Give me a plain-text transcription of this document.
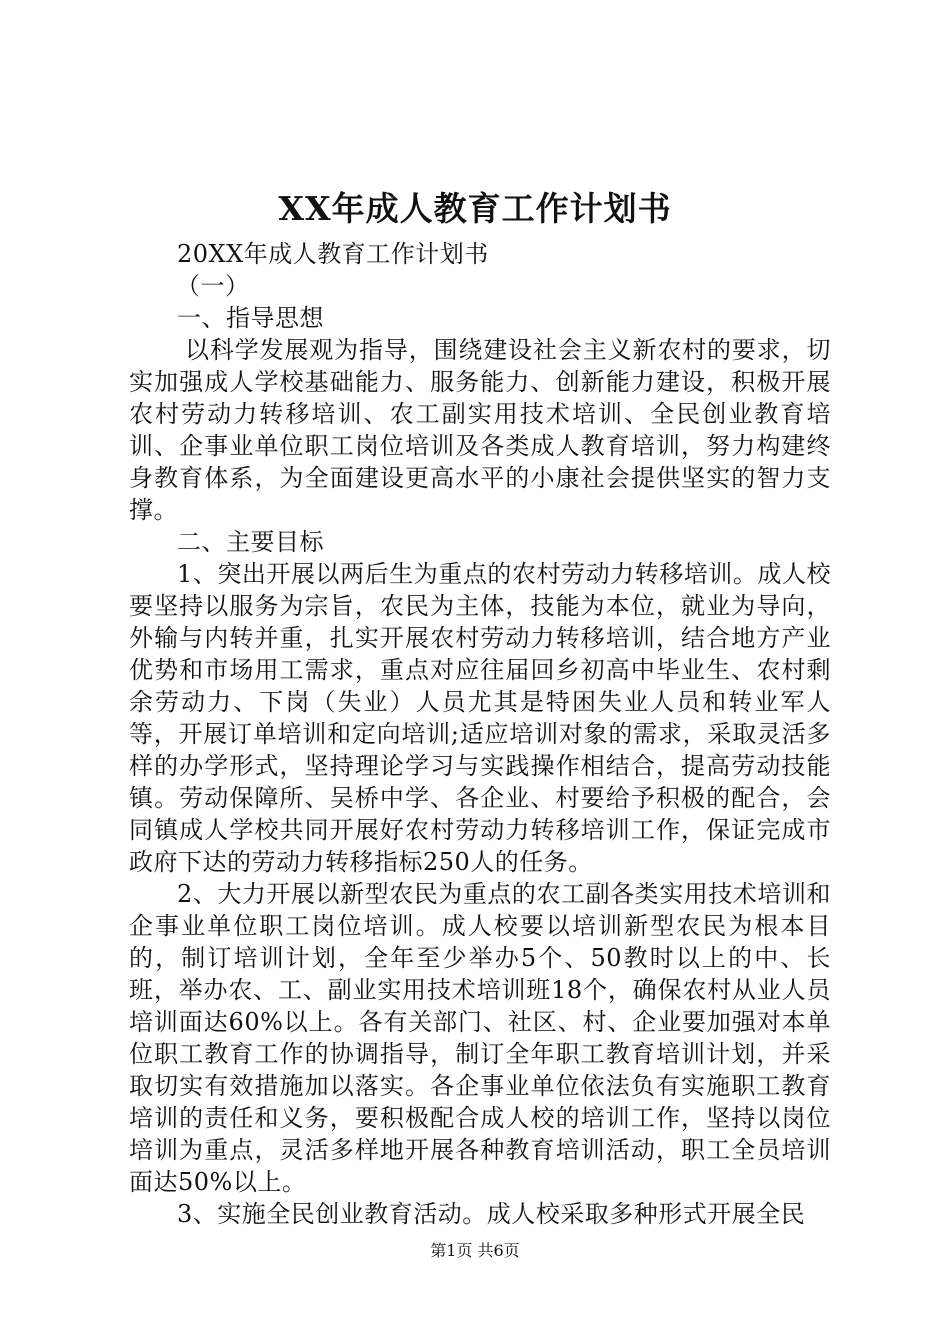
XX年成人教育工作计划书

20XX年成人教育工作计划书

（一）

一、指导思想

以科学发展观为指导，围绕建设社会主义新农村的要求，切实加强成人学校基础能力、服务能力、创新能力建设，积极开展农村劳动力转移培训、农工副实用技术培训、全民创业教育培训、企事业单位职工岗位培训及各类成人教育培训，努力构建终身教育体系，为全面建设更高水平的小康社会提供坚实的智力支撑。

二、主要目标

1、突出开展以两后生为重点的农村劳动力转移培训。成人校要坚持以服务为宗旨，农民为主体，技能为本位，就业为导向，外输与内转并重，扎实开展农村劳动力转移培训，结合地方产业优势和市场用工需求，重点对应往届回乡初高中毕业生、农村剩余劳动力、下岗（失业）人员尤其是特困失业人员和转业军人等，开展订单培训和定向培训;适应培训对象的需求，采取灵活多样的办学形式，坚持理论学习与实践操作相结合，提高劳动技能镇。劳动保障所、吴桥中学、各企业、村要给予积极的配合，会同镇成人学校共同开展好农村劳动力转移培训工作，保证完成市政府下达的劳动力转移指标250人的任务。

2、大力开展以新型农民为重点的农工副各类实用技术培训和企事业单位职工岗位培训。成人校要以培训新型农民为根本目的，制订培训计划，全年至少举办5个、50教时以上的中、长班，举办农、工、副业实用技术培训班18个，确保农村从业人员培训面达60%以上。各有关部门、社区、村、企业要加强对本单位职工教育工作的协调指导，制订全年职工教育培训计划，并采取切实有效措施加以落实。各企事业单位依法负有实施职工教育培训的责任和义务，要积极配合成人校的培训工作，坚持以岗位培训为重点，灵活多样地开展各种教育培训活动，职工全员培训面达50%以上。

3、实施全民创业教育活动。成人校采取多种形式开展全民

第1页 共6页
